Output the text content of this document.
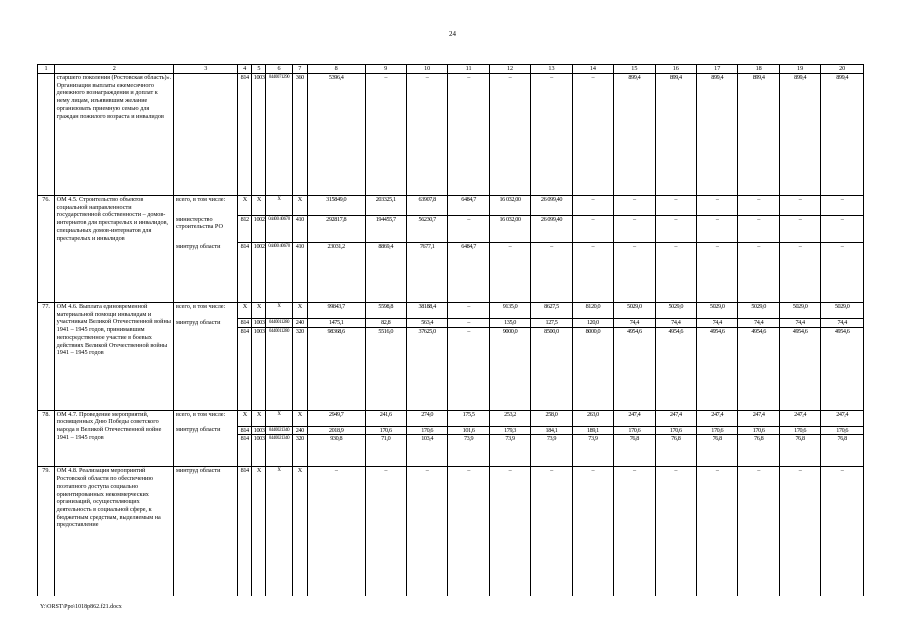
24
1	2	3	4	5	6	7	8	9	10	11	12	13	14	15	16	17	18	19	20
	старшего поколения (Ростовская область)». Организация выплаты ежемесячного денежного вознаграждения и доплат к нему лицам, изъявившим желание организовать приемную семью для граждан пожилого возраста и инвалидов		814	1003	0440071290	360	5396,4	–	–	–	–	–	–	899,4	899,4	899,4	899,4	899,4	899,4
76.	ОМ 4.5. Строительство объектов социальной направленности государственной собственности – домов-интернатов для престарелых и инвалидов, специальных домов-интернатов для престарелых и инвалидов	всего, в том числе:	Х	Х	Х	Х	315849,0	203325,1	63907,8	6484,7	16 032,00	26 099,40	–	–	–	–	–	–	–
		министерство строительства РО	812	1002	04400 40670	410	292817,8	194455,7	56230,7	–	16 032,00	26 099,40	–	–	–	–	–	–	–
		минтруд области	814	1002	04400 40670	410	23031,2	8869,4	7677,1	6484,7	–	–	–	–	–	–	–	–	–
77.	ОМ 4.6. Выплата единовременной материальной помощи инвалидам и участникам Великой Отечественной войны 1941 – 1945 годов, принимавшим непосредственное участие в боевых действиях Великой Отечественной войны 1941 – 1945 годов	всего, в том числе:	Х	Х	Х	Х	99843,7	5598,8	38188,4	–	9135,0	8627,5	8120,0	5029,0	5029,0	5029,0	5029,0	5029,0	5029,0
		минтруд области	814	1003	0440011280	240	1475,1	82,8	563,4	–	135,0	127,5	120,0	74,4	74,4	74,4	74,4	74,4	74,4
			814	1003	0440011280	320	98368,6	5516,0	37625,0	–	9000,0	8500,0	8000,0	4954,6	4954,6	4954,6	4954,6	4954,6	4954,6
78.	ОМ 4.7. Проведение мероприятий, посвященных Дню Победы советского народа в Великой Отечественной войне 1941 – 1945 годов	всего, в том числе:	Х	Х	Х	Х	2949,7	241,6	274,0	175,5	253,2	258,0	263,0	247,4	247,4	247,4	247,4	247,4	247,4
		минтруд области	814	1003	0440021340	240	2018,9	170,6	170,6	101,6	179,3	184,1	189,1	170,6	170,6	170,6	170,6	170,6	170,6
			814	1003	0440021340	320	930,8	71,0	103,4	73,9	73,9	73,9	73,9	76,8	76,8	76,8	76,8	76,8	76,8
79.	ОМ 4.8. Реализация мероприятий Ростовской области по обеспечению поэтапного доступа социально ориентированных некоммерческих организаций, осуществляющих деятельность в социальной сфере, к бюджетным средствам, выделяемым на предоставление	минтруд области	814	Х	Х	Х	–	–	–	–	–	–	–	–	–	–	–	–	–
Y:\ORST\Ppo\1018p862.f21.docx
